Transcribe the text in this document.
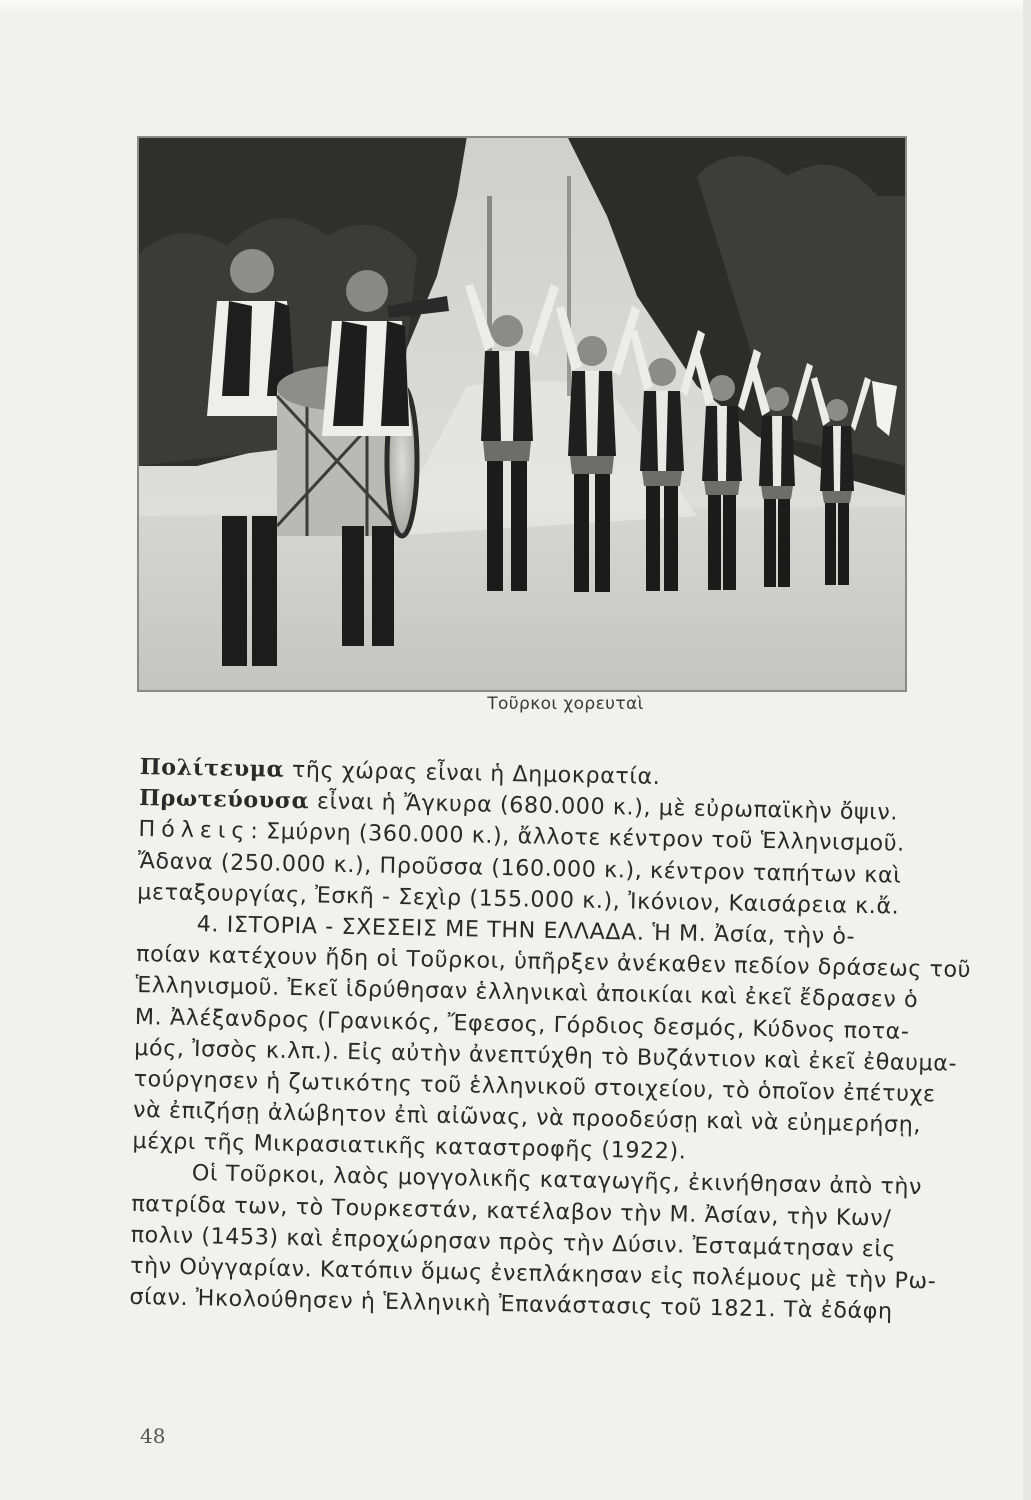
Τοῦρκοι χορευταὶ
Πολίτευμα τῆς χώρας εἶναι ἡ Δημοκρατία.
Πρωτεύουσα εἶναι ἡ Ἄγκυρα (680.000 κ.), μὲ εὐρωπαϊκὴν ὄψιν.
Πόλεις: Σμύρνη (360.000 κ.), ἄλλοτε κέντρον τοῦ Ἑλληνισμοῦ.
Ἄδανα (250.000 κ.), Προῦσσα (160.000 κ.), κέντρον ταπήτων καὶ
μεταξουργίας, Ἐσκῆ - Σεχὶρ (155.000 κ.), Ἰκόνιον, Καισάρεια κ.ἄ.
4. ΙΣΤΟΡΙΑ - ΣΧΕΣΕΙΣ ΜΕ ΤΗΝ ΕΛΛΑΔΑ. Ἡ Μ. Ἀσία, τὴν ὁ-
ποίαν κατέχουν ἤδη οἱ Τοῦρκοι, ὑπῆρξεν ἀνέκαθεν πεδίον δράσεως τοῦ
Ἑλληνισμοῦ. Ἐκεῖ ἱδρύθησαν ἑλληνικαὶ ἀποικίαι καὶ ἐκεῖ ἔδρασεν ὁ
Μ. Ἀλέξανδρος (Γρανικός, Ἔφεσος, Γόρδιος δεσμός, Κύδνος ποτα-
μός, Ἰσσὸς κ.λπ.). Εἰς αὐτὴν ἀνεπτύχθη τὸ Βυζάντιον καὶ ἐκεῖ ἐθαυμα-
τούργησεν ἡ ζωτικότης τοῦ ἑλληνικοῦ στοιχείου, τὸ ὁποῖον ἐπέτυχε
νὰ ἐπιζήσῃ ἀλώβητον ἐπὶ αἰῶνας, νὰ προοδεύσῃ καὶ νὰ εὐημερήσῃ,
μέχρι τῆς Μικρασιατικῆς καταστροφῆς (1922).
Οἱ Τοῦρκοι, λαὸς μογγολικῆς καταγωγῆς, ἐκινήθησαν ἀπὸ τὴν
πατρίδα των, τὸ Τουρκεστάν, κατέλαβον τὴν Μ. Ἀσίαν, τὴν Κων/
πολιν (1453) καὶ ἐπροχώρησαν πρὸς τὴν Δύσιν. Ἐσταμάτησαν εἰς
τὴν Οὐγγαρίαν. Κατόπιν ὅμως ἐνεπλάκησαν εἰς πολέμους μὲ τὴν Ρω-
σίαν. Ἠκολούθησεν ἡ Ἑλληνικὴ Ἐπανάστασις τοῦ 1821. Τὰ ἐδάφη
48
